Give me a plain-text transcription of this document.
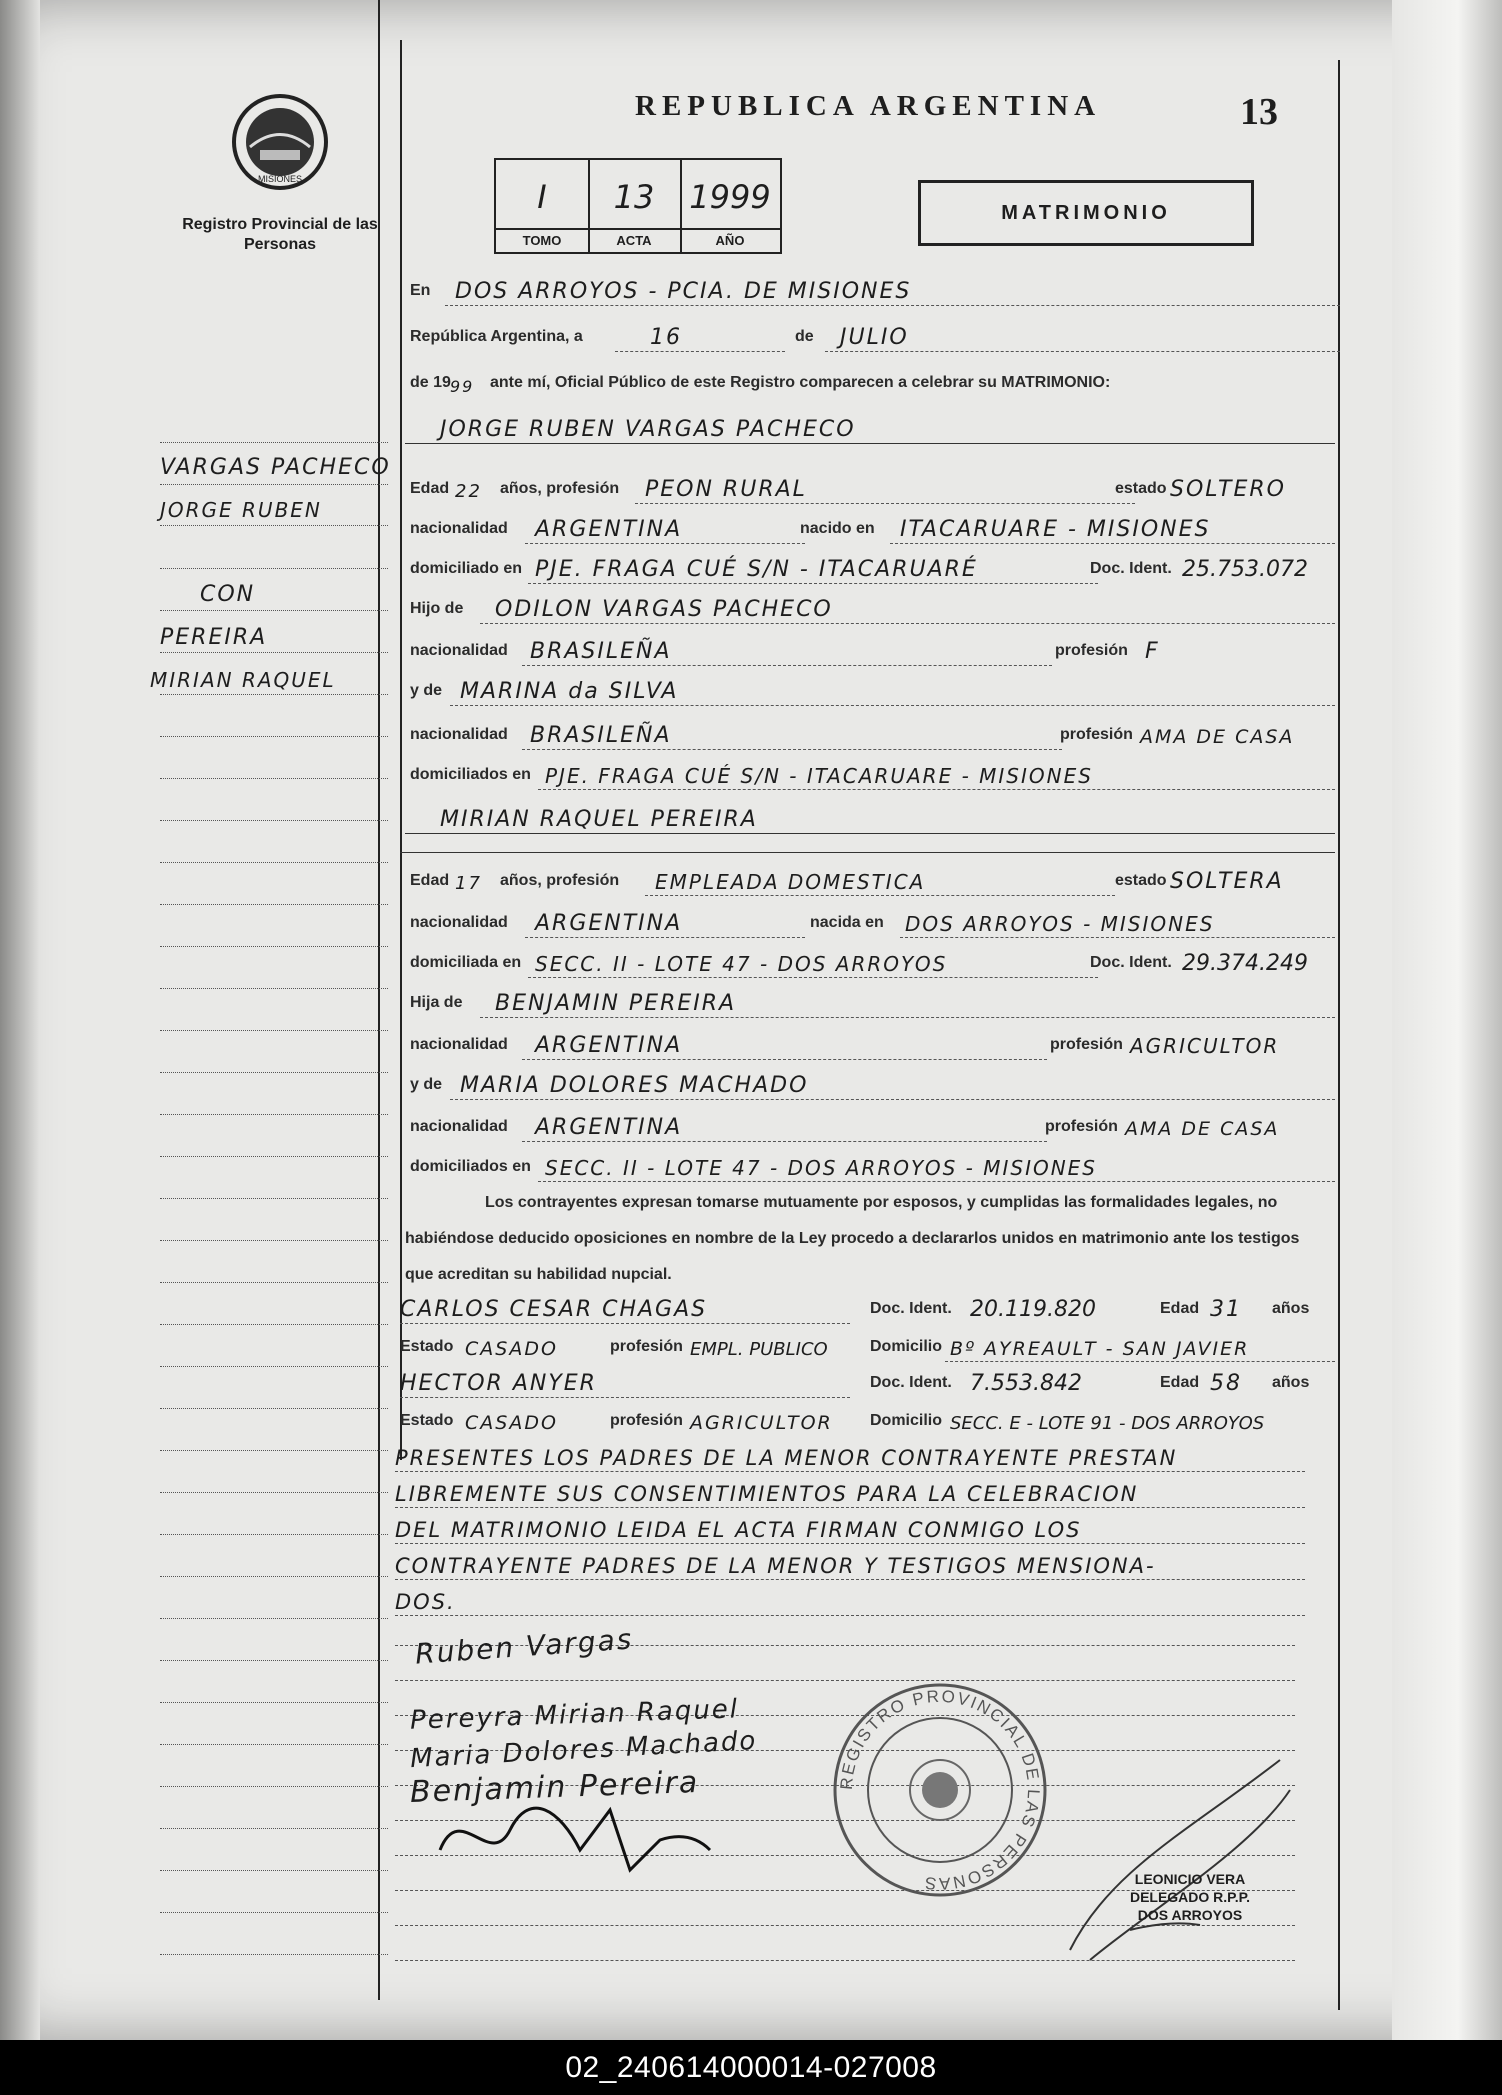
MISIONES
Registro Provincial de las Personas
REPUBLICA ARGENTINA	13
I
TOMO
13
ACTA
1999
AÑO
MATRIMONIO
En DOS ARROYOS - PCIA. DE MISIONES
República Argentina, a	16	de JULIO
de 19 99 ante mí, Oficial Público de este Registro comparecen a celebrar su MATRIMONIO:
JORGE RUBEN VARGAS PACHECO
Edad 22 años, profesión PEON RURAL	estado SOLTERO
nacionalidad ARGENTINA	nacido en ITACARUARE - MISIONES
domiciliado en PJE. FRAGA CUÉ S/N - ITACARUARÉ	Doc. Ident. 25.753.072
Hijo de ODILON VARGAS PACHECO
nacionalidad BRASILEÑA	profesión F
y de MARINA da SILVA
nacionalidad BRASILEÑA	profesión AMA DE CASA
domiciliados en PJE. FRAGA CUÉ S/N - ITACARUARE - MISIONES
MIRIAN RAQUEL PEREIRA
Edad 17 años, profesión EMPLEADA DOMESTICA	estado SOLTERA
nacionalidad ARGENTINA	nacida en DOS ARROYOS - MISIONES
domiciliada en SECC. II - LOTE 47 - DOS ARROYOS	Doc. Ident. 29.374.249
Hija de BENJAMIN PEREIRA
nacionalidad ARGENTINA	profesión AGRICULTOR
y de MARIA DOLORES MACHADO
nacionalidad ARGENTINA	profesión AMA DE CASA
domiciliados en SECC. II - LOTE 47 - DOS ARROYOS - MISIONES
Los contrayentes expresan tomarse mutuamente por esposos, y cumplidas las formalidades legales, no habiéndose deducido oposiciones en nombre de la Ley procedo a declararlos unidos en matrimonio ante los testigos que acreditan su habilidad nupcial.
CARLOS CESAR CHAGAS	Doc. Ident. 20.119.820	Edad 31 años
Estado CASADO	profesión EMPL. PUBLICO	Domicilio Bº AYREAULT - SAN JAVIER
HECTOR ANYER	Doc. Ident. 7.553.842	Edad 58 años
Estado CASADO	profesión AGRICULTOR Domicilio SECC. E - LOTE 91 - DOS ARROYOS
PRESENTES LOS PADRES DE LA MENOR CONTRAYENTE PRESTAN
LIBREMENTE SUS CONSENTIMIENTOS PARA LA CELEBRACION
DEL MATRIMONIO LEIDA EL ACTA FIRMAN CONMIGO LOS
CONTRAYENTE PADRES DE LA MENOR Y TESTIGOS MENSIONA-
DOS.
Ruben Vargas
Pereyra Mirian Raquel
Maria Dolores Machado
Benjamin Pereira	REGISTRO PROVINCIAL DE LAS PERSONAS	LEONICIO VERA
DELEGADO R.P.P.
DOS ARROYOS
VARGAS PACHECO
JORGE RUBEN
CON
PEREIRA
MIRIAN RAQUEL
02_240614000014-027008
